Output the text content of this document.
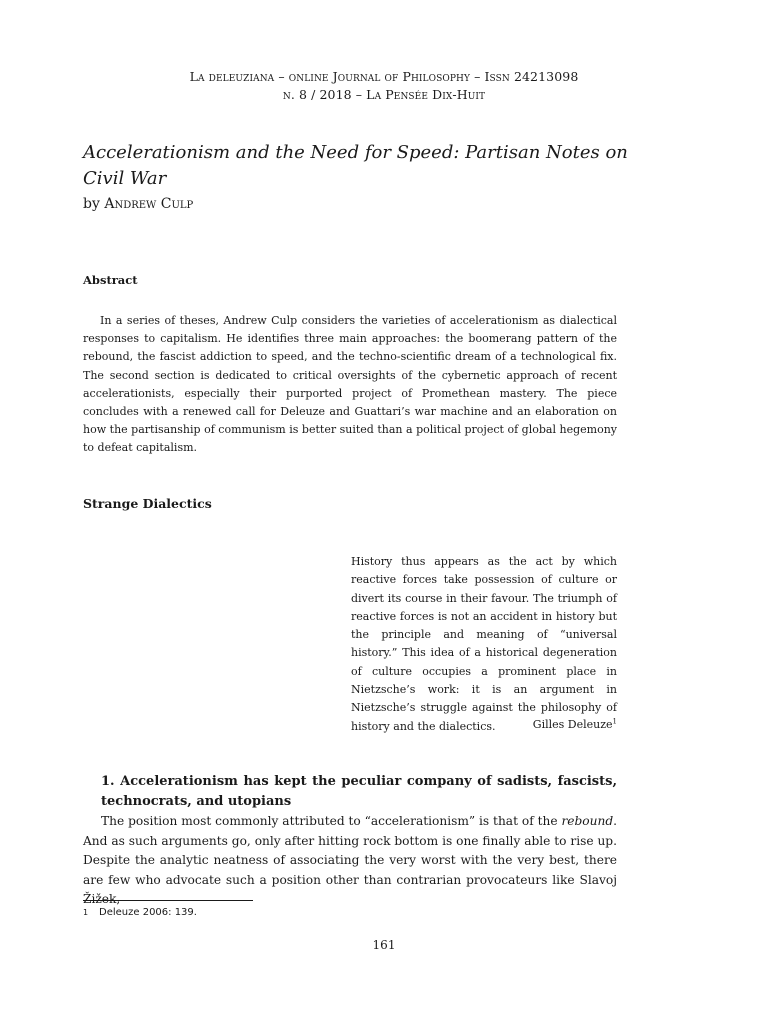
La deleuziana – online Journal of Philosophy – Issn 24213098
n. 8 / 2018 – La Pensée Dix-Huit
Accelerationism and the Need for Speed: Partisan Notes on Civil War
by Andrew Culp
Abstract

In a series of theses, Andrew Culp considers the varieties of accelerationism as dialectical responses to capitalism. He identifies three main approaches: the boomerang pattern of the rebound, the fascist addiction to speed, and the techno-scientific dream of a technological fix. The second section is dedicated to critical oversights of the cybernetic approach of recent accelerationists, especially their purported project of Promethean mastery. The piece concludes with a renewed call for Deleuze and Guattari’s war machine and an elaboration on how the partisanship of communism is better suited than a political project of global hegemony to defeat capitalism.

Strange Dialectics

History thus appears as the act by which reactive forces take possession of culture or divert its course in their favour. The triumph of reactive forces is not an accident in history but the principle and meaning of “universal history.” This idea of a historical degeneration of culture occupies a prominent place in Nietzsche’s work: it is an argument in Nietzsche’s struggle against the philosophy of history and the dialectics.	Gilles Deleuze$^1$
1. Accelerationism has kept the peculiar company of sadists, fascists,
technocrats, and utopians

The position most commonly attributed to “accelerationism” is that of the rebound. And as such arguments go, only after hitting rock bottom is one finally able to rise up. Despite the analytic neatness of associating the very worst with the very best, there are few who advocate such a position other than contrarian provocateurs like Slavoj Žižek,

1 Deleuze 2006: 139.
161
